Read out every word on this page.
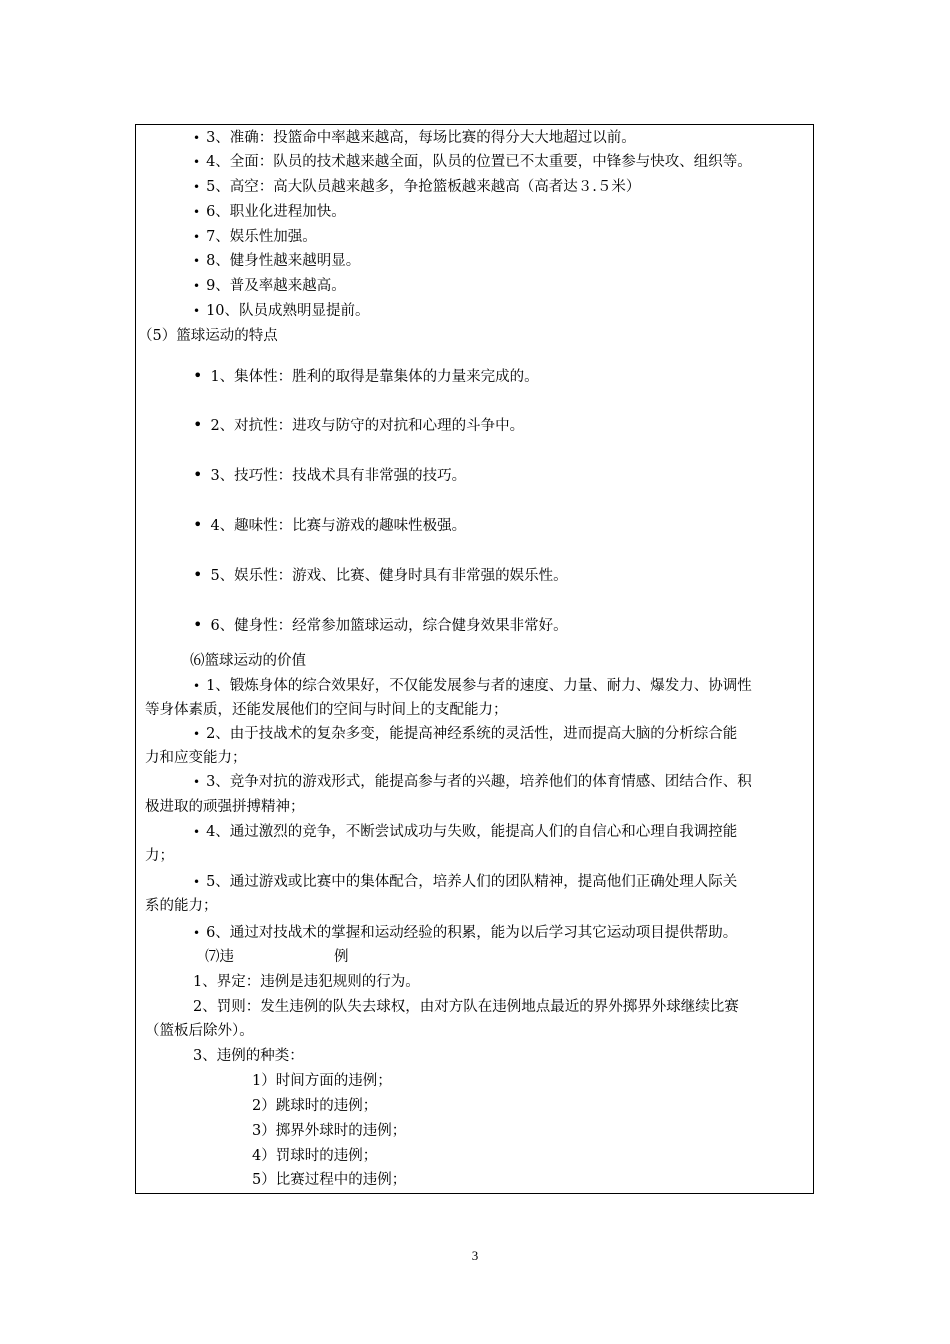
• 3、准确：投篮命中率越来越高，每场比赛的得分大大地超过以前。
• 4、全面：队员的技术越来越全面，队员的位置已不太重要，中锋参与快攻、组织等。
• 5、高空：高大队员越来越多，争抢篮板越来越高（高者达３.５米）
• 6、职业化进程加快。
• 7、娱乐性加强。
• 8、健身性越来越明显。
• 9、普及率越来越高。
• 10、队员成熟明显提前。
（5）篮球运动的特点
• 1、集体性：胜利的取得是靠集体的力量来完成的。
• 2、对抗性：进攻与防守的对抗和心理的斗争中。
• 3、技巧性：技战术具有非常强的技巧。
• 4、趣味性：比赛与游戏的趣味性极强。
• 5、娱乐性：游戏、比赛、健身时具有非常强的娱乐性。
• 6、健身性：经常参加篮球运动，综合健身效果非常好。
⑹篮球运动的价值
• 1、锻炼身体的综合效果好，不仅能发展参与者的速度、力量、耐力、爆发力、协调性
等身体素质，还能发展他们的空间与时间上的支配能力；
• 2、由于技战术的复杂多变，能提高神经系统的灵活性，进而提高大脑的分析综合能
力和应变能力；
• 3、竞争对抗的游戏形式，能提高参与者的兴趣，培养他们的体育情感、团结合作、积
极进取的顽强拼搏精神；
• 4、通过激烈的竞争，不断尝试成功与失败，能提高人们的自信心和心理自我调控能
力；
• 5、通过游戏或比赛中的集体配合，培养人们的团队精神，提高他们正确处理人际关
系的能力；
• 6、通过对技战术的掌握和运动经验的积累，能为以后学习其它运动项目提供帮助。
⑺违	例
1、界定：违例是违犯规则的行为。
2、罚则：发生违例的队失去球权，由对方队在违例地点最近的界外掷界外球继续比赛
（篮板后除外）。
3、违例的种类：
1）时间方面的违例；
2）跳球时的违例；
3）掷界外球时的违例；
4）罚球时的违例；
5）比赛过程中的违例；
3
